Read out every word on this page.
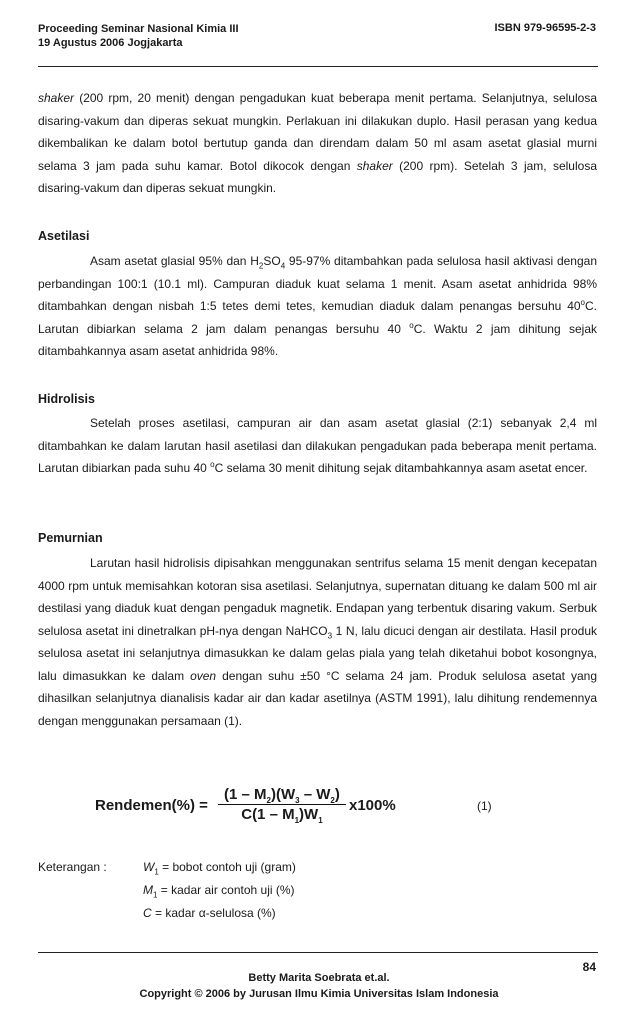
Proceeding Seminar Nasional Kimia III
19 Agustus 2006 Jogjakarta
ISBN 979-96595-2-3

shaker (200 rpm, 20 menit) dengan pengadukan kuat beberapa menit pertama. Selanjutnya, selulosa disaring-vakum dan diperas sekuat mungkin. Perlakuan ini dilakukan duplo. Hasil perasan yang kedua dikembalikan ke dalam botol bertutup ganda dan direndam dalam 50 ml asam asetat glasial murni selama 3 jam pada suhu kamar. Botol dikocok dengan shaker (200 rpm). Setelah 3 jam, selulosa disaring-vakum dan diperas sekuat mungkin.

Asetilasi

Asam asetat glasial 95% dan $H_2SO_4$ 95-97% ditambahkan pada selulosa hasil aktivasi dengan perbandingan 100:1 (10.1 ml). Campuran diaduk kuat selama 1 menit. Asam asetat anhidrida 98% ditambahkan dengan nisbah 1:5 tetes demi tetes, kemudian diaduk dalam penangas bersuhu 40$^o$C. Larutan dibiarkan selama 2 jam dalam penangas bersuhu 40 $^o$C. Waktu 2 jam dihitung sejak ditambahkannya asam asetat anhidrida 98%.

Hidrolisis

Setelah proses asetilasi, campuran air dan asam asetat glasial (2:1) sebanyak 2,4 ml ditambahkan ke dalam larutan hasil asetilasi dan dilakukan pengadukan pada beberapa menit pertama. Larutan dibiarkan pada suhu 40 $^o$C selama 30 menit dihitung sejak ditambahkannya asam asetat encer.

Pemurnian

Larutan hasil hidrolisis dipisahkan menggunakan sentrifus selama 15 menit dengan kecepatan 4000 rpm untuk memisahkan kotoran sisa asetilasi. Selanjutnya, supernatan dituang ke dalam 500 ml air destilasi yang diaduk kuat dengan pengaduk magnetik. Endapan yang terbentuk disaring vakum. Serbuk selulosa asetat ini dinetralkan pH-nya dengan NaHCO$_3$ 1 N, lalu dicuci dengan air destilata. Hasil produk selulosa asetat ini selanjutnya dimasukkan ke dalam gelas piala yang telah diketahui bobot kosongnya, lalu dimasukkan ke dalam oven dengan suhu ±50 °C selama 24 jam. Produk selulosa asetat yang dihasilkan selanjutnya dianalisis kadar air dan kadar asetilnya (ASTM 1991), lalu dihitung rendemennya dengan menggunakan persamaan (1).

Rendemen(%) =
$(1 - M_2)(W_3 - W_2)$
$C(1 - M_1)W_1$
x100%	(1)
Keterangan :	$W_1$ = bobot contoh uji (gram)
$M_1$ = kadar air contoh uji (%)
C = kadar α-selulosa (%)
84
Betty Marita Soebrata et.al.
Copyright © 2006 by Jurusan Ilmu Kimia Universitas Islam Indonesia
